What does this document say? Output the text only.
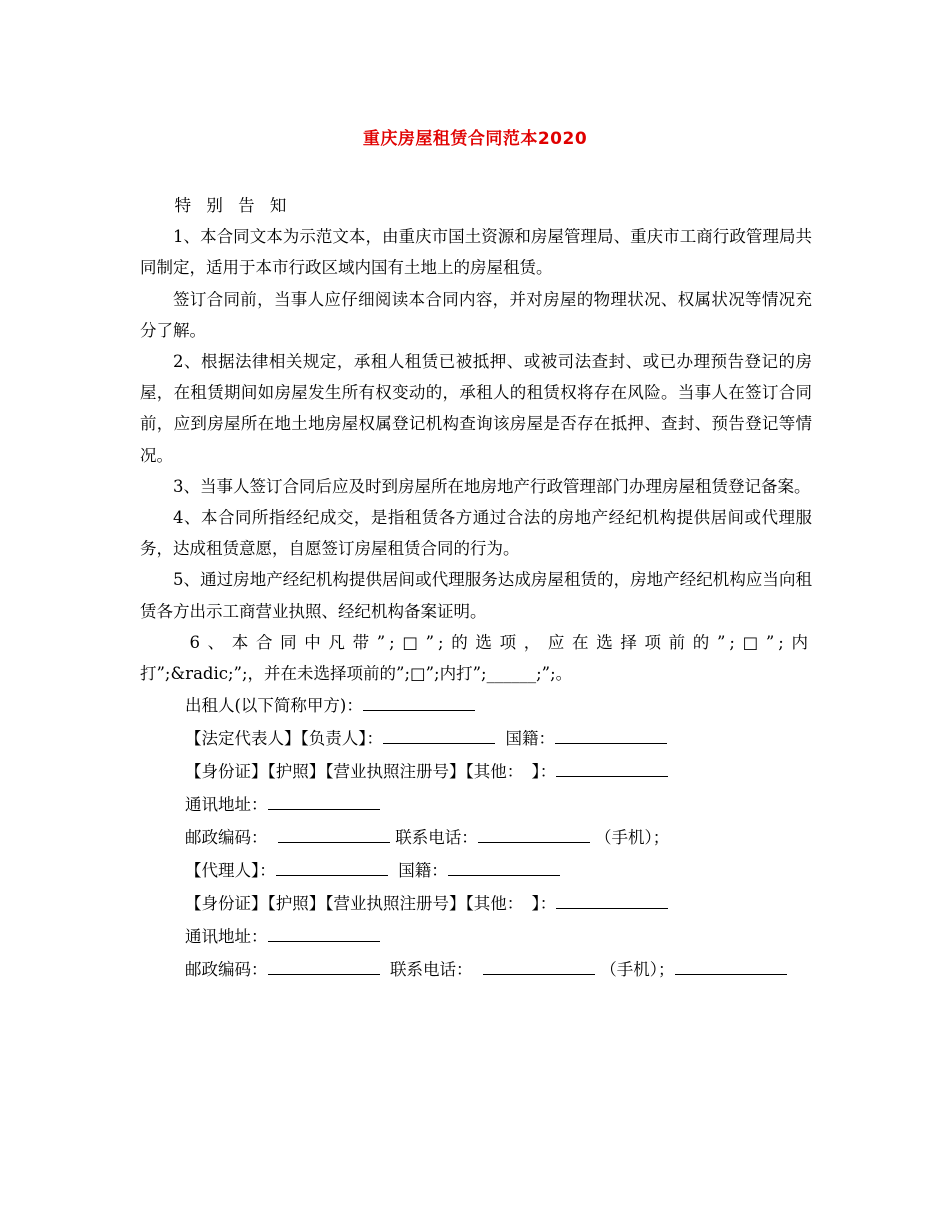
重庆房屋租赁合同范本2020

特 别 告 知

1、本合同文本为示范文本，由重庆市国土资源和房屋管理局、重庆市工商行政管理局共同制定，适用于本市行政区域内国有土地上的房屋租赁。

签订合同前，当事人应仔细阅读本合同内容，并对房屋的物理状况、权属状况等情况充分了解。

2、根据法律相关规定，承租人租赁已被抵押、或被司法查封、或已办理预告登记的房屋，在租赁期间如房屋发生所有权变动的，承租人的租赁权将存在风险。当事人在签订合同前，应到房屋所在地土地房屋权属登记机构查询该房屋是否存在抵押、查封、预告登记等情况。

3、当事人签订合同后应及时到房屋所在地房地产行政管理部门办理房屋租赁登记备案。

4、本合同所指经纪成交，是指租赁各方通过合法的房地产经纪机构提供居间或代理服务，达成租赁意愿，自愿签订房屋租赁合同的行为。

5、通过房地产经纪机构提供居间或代理服务达成房屋租赁的，房地产经纪机构应当向租赁各方出示工商营业执照、经纪机构备案证明。

6、本合同中凡带”;□”;的选项，应在选择项前的”;□”;内
打”;&radic;”;，并在未选择项前的”;□”;内打”;______;”;。

出租人(以下简称甲方)：
【法定代表人】【负责人】：	国籍：
【身份证】【护照】【营业执照注册号】【其他：　】：
通讯地址：
邮政编码：	联系电话：	（手机）；
【代理人】：	国籍：
【身份证】【护照】【营业执照注册号】【其他：　】：
通讯地址：
邮政编码：	联系电话：	（手机）；
